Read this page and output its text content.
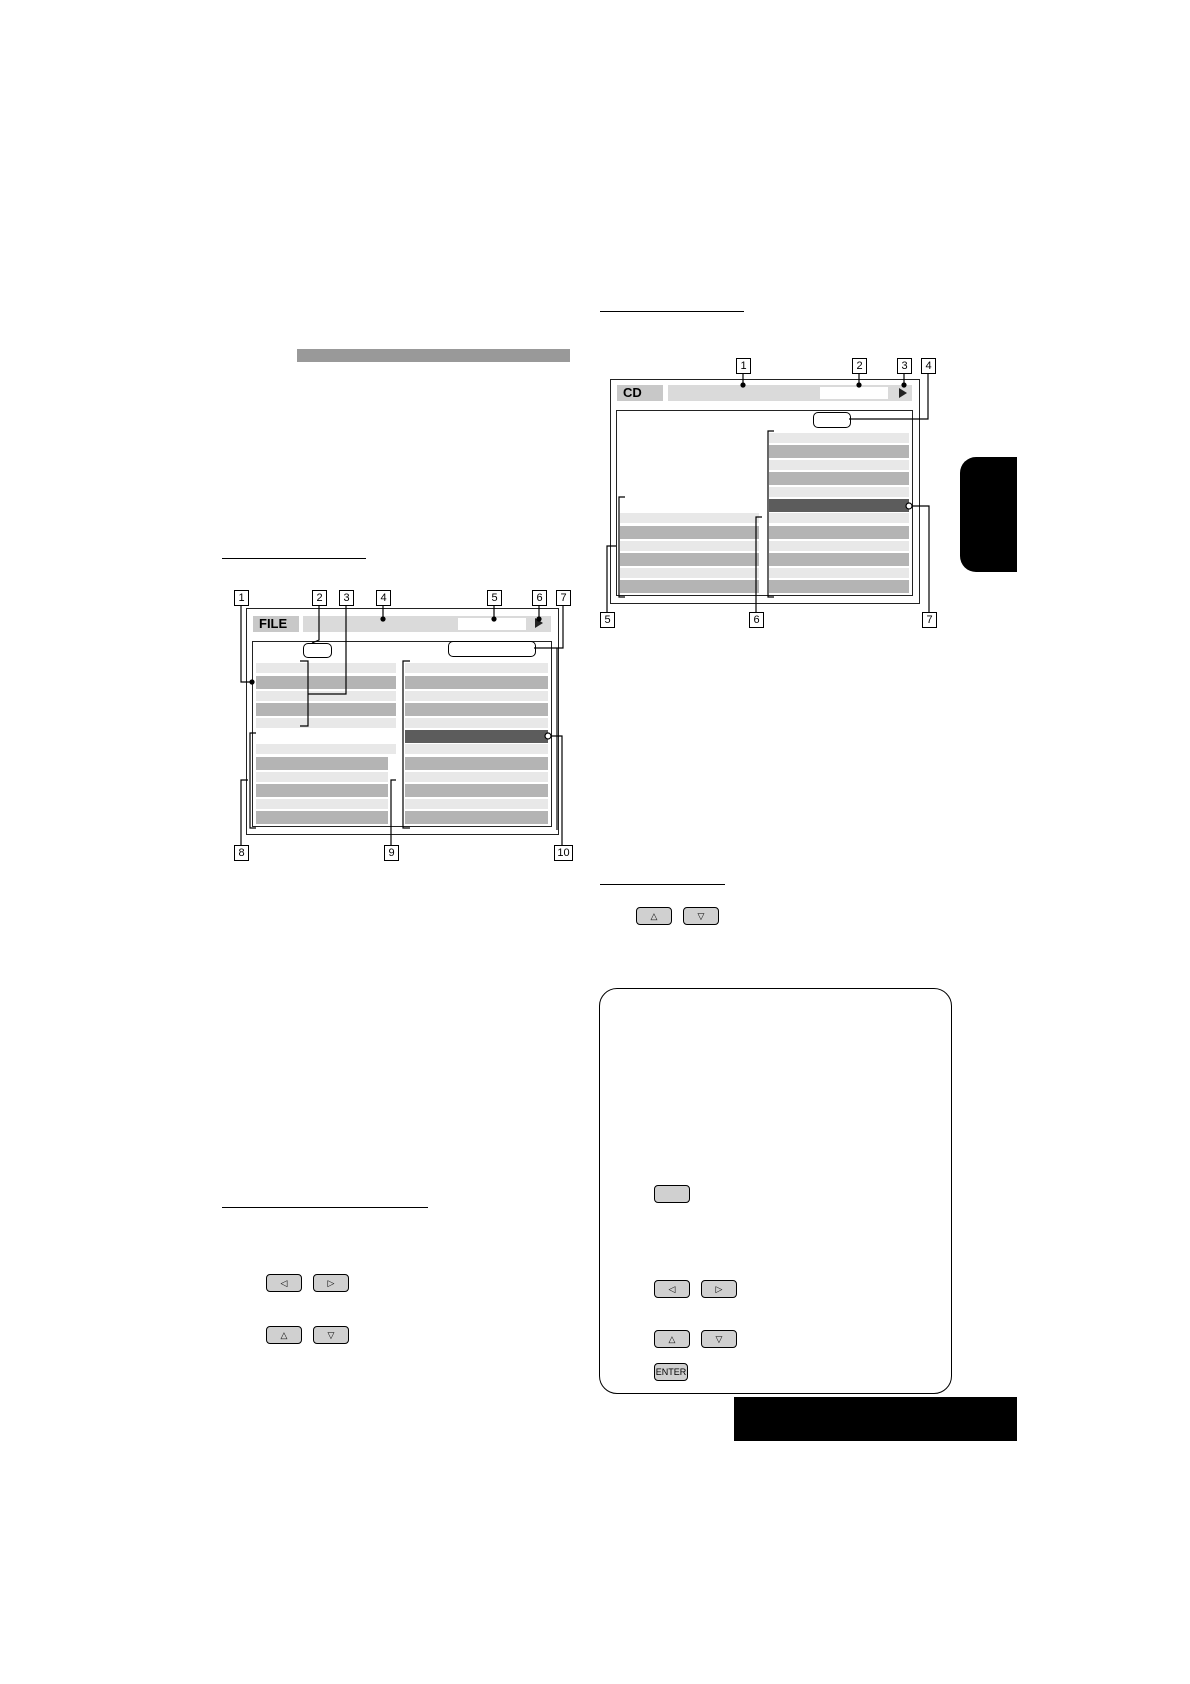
FILE
1	2	3	4	5	6	7
8	9	10
CD
1	2	3	4
5	6	7
△	▽
◁	▷
△	▽
◁	▷
△	▽
ENTER
